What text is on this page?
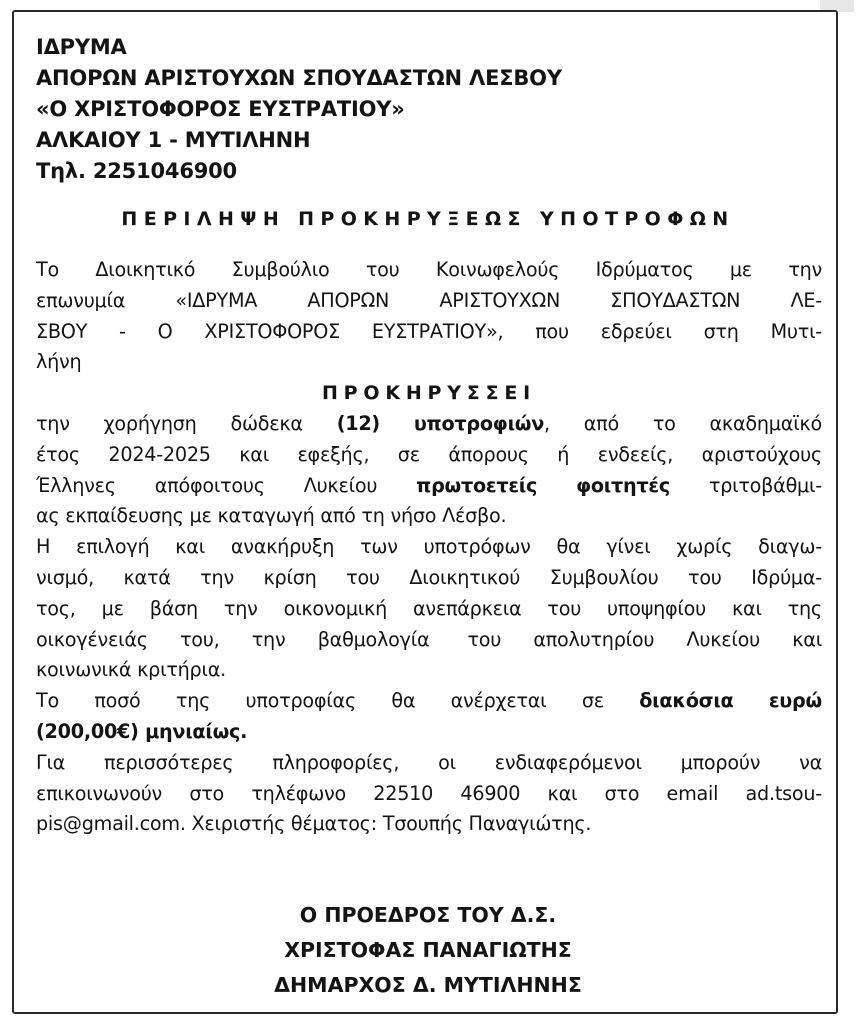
ΙΔΡΥΜΑ
ΑΠΟΡΩΝ ΑΡΙΣΤΟΥΧΩΝ ΣΠΟΥΔΑΣΤΩΝ ΛΕΣΒΟΥ
«Ο ΧΡΙΣΤΟΦΟΡΟΣ ΕΥΣΤΡΑΤΙΟΥ»
ΑΛΚΑΙΟΥ 1 - ΜΥΤΙΛΗΝΗ
Τηλ. 2251046900
ΠΕΡΙΛΗΨΗ ΠΡΟΚΗΡΥΞΕΩΣ ΥΠΟΤΡΟΦΩΝ
Το Διοικητικό Συμβούλιο του Κοινωφελούς Ιδρύματος με την
επωνυμία	«ΙΔΡΥΜΑ	ΑΠΟΡΩΝ	ΑΡΙΣΤΟΥΧΩΝ	ΣΠΟΥΔΑΣΤΩΝ	ΛΕ-
ΣΒΟΥ - Ο ΧΡΙΣΤΟΦΟΡΟΣ ΕΥΣΤΡΑΤΙΟΥ», που εδρεύει στη Μυτι-
λήνη
ΠΡΟΚΗΡΥΣΣΕΙ
την χορήγηση δώδεκα (12) υποτροφιών, από το ακαδημαϊκό
έτος 2024-2025 και εφεξής, σε άπορους ή ενδεείς, αριστούχους
Έλληνες απόφοιτους Λυκείου πρωτοετείς φοιτητές τριτοβάθμι-
ας εκπαίδευσης με καταγωγή από τη νήσο Λέσβο.
Η επιλογή και ανακήρυξη των υποτρόφων θα γίνει χωρίς διαγω-
νισμό, κατά την κρίση του Διοικητικού Συμβουλίου του Ιδρύμα-
τος, με βάση την οικονομική ανεπάρκεια του υποψηφίου και της
οικογένειάς του, την βαθμολογία του απολυτηρίου Λυκείου και
κοινωνικά κριτήρια.
Το ποσό της υποτροφίας θα ανέρχεται σε διακόσια ευρώ
(200,00€) μηνιαίως.
Για περισσότερες πληροφορίες, οι ενδιαφερόμενοι μπορούν να
επικοινωνούν στο τηλέφωνο 22510 46900 και στο email ad.tsou-
pis@gmail.com. Χειριστής θέματος: Τσουπής Παναγιώτης.
Ο ΠΡΟΕΔΡΟΣ ΤΟΥ Δ.Σ.
ΧΡΙΣΤΟΦΑΣ ΠΑΝΑΓΙΩΤΗΣ
ΔΗΜΑΡΧΟΣ Δ. ΜΥΤΙΛΗΝΗΣ
